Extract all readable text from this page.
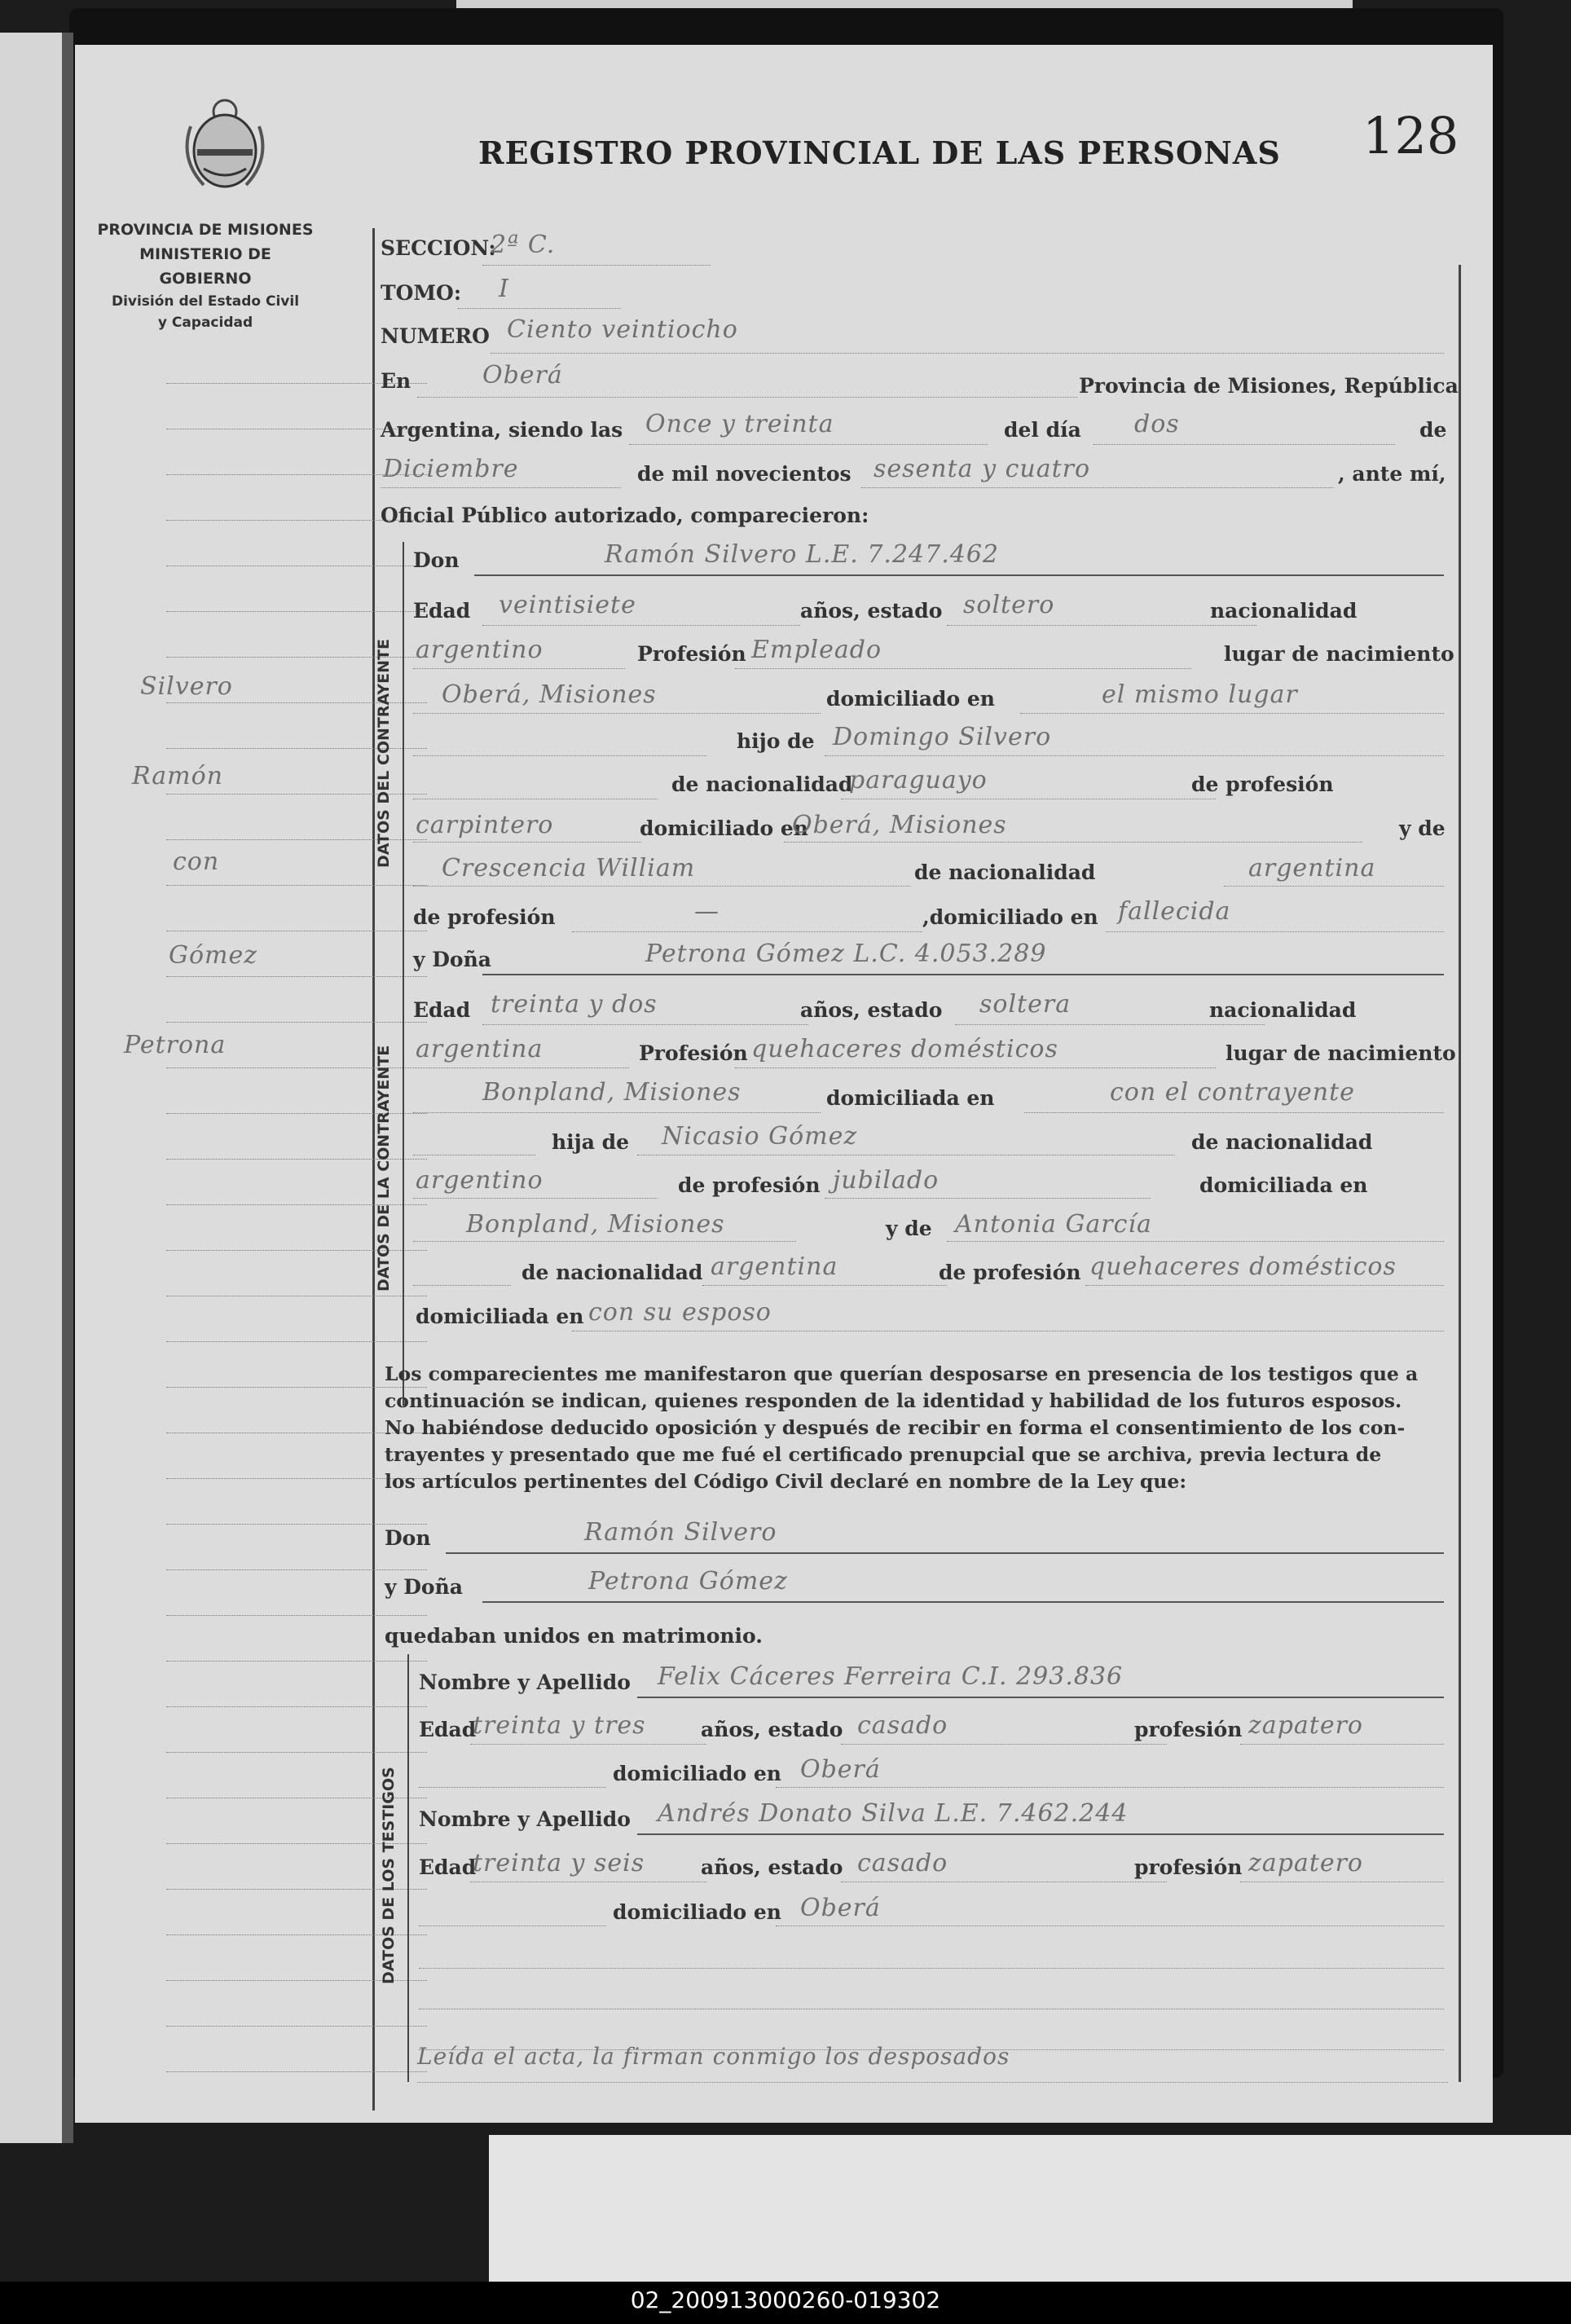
PROVINCIA DE MISIONES
MINISTERIO DE GOBIERNO
División del Estado Civil
y Capacidad
REGISTRO PROVINCIAL DE LAS PERSONAS 128
Silvero
Ramón
con
Gómez
Petrona
SECCION:
2ª C.
TOMO: I
NUMERO Ciento veintiocho
En	Oberá	Provincia de Misiones, República
Argentina, siendo las Once y treinta	del día dos	de
Diciembre	de mil novecientos sesenta y cuatro	, ante mí,
Oficial Público autorizado, comparecieron:
DATOS DEL CONTRAYENTE
Don	Ramón Silvero L.E. 7.247.462
Edad veintisiete	años, estado soltero	nacionalidad
argentino	Profesión Empleado	lugar de nacimiento
Oberá, Misiones	domiciliado en	el mismo lugar
hijo de Domingo Silvero
de nacionalidad
paraguayo	de profesión
carpintero	domiciliado en
Oberá, Misiones	y de
Crescencia William	de nacionalidad	argentina
de profesión	—	,domiciliado en fallecida
DATOS DE LA CONTRAYENTE
y Doña	Petrona Gómez L.C. 4.053.289
Edad treinta y dos	años, estado soltera	nacionalidad
argentina	Profesión quehaceres domésticos	lugar de nacimiento
Bonpland, Misiones	domiciliada en	con el contrayente
hija de Nicasio Gómez	de nacionalidad
argentino	de profesión jubilado	domiciliada en
Bonpland, Misiones	y de Antonia García
de nacionalidad argentina	de profesión quehaceres domésticos
domiciliada en con su esposo
Los comparecientes me manifestaron que querían desposarse en presencia de los testigos que a
continuación se indican, quienes responden de la identidad y habilidad de los futuros esposos.
No habiéndose deducido oposición y después de recibir en forma el consentimiento de los con-
trayentes y presentado que me fué el certificado prenupcial que se archiva, previa lectura de
los artículos pertinentes del Código Civil declaré en nombre de la Ley que:
Don	Ramón Silvero
y Doña	Petrona Gómez
quedaban unidos en matrimonio.
DATOS DE LOS TESTIGOS
Nombre y Apellido Felix Cáceres Ferreira C.I. 293.836
Edad
treinta y tres	años, estado casado	profesión zapatero
domiciliado en Oberá
Nombre y Apellido Andrés Donato Silva L.E. 7.462.244
Edad
treinta y seis	años, estado casado	profesión zapatero
domiciliado en Oberá
Leída el acta, la firman conmigo los desposados
02_200913000260-019302
